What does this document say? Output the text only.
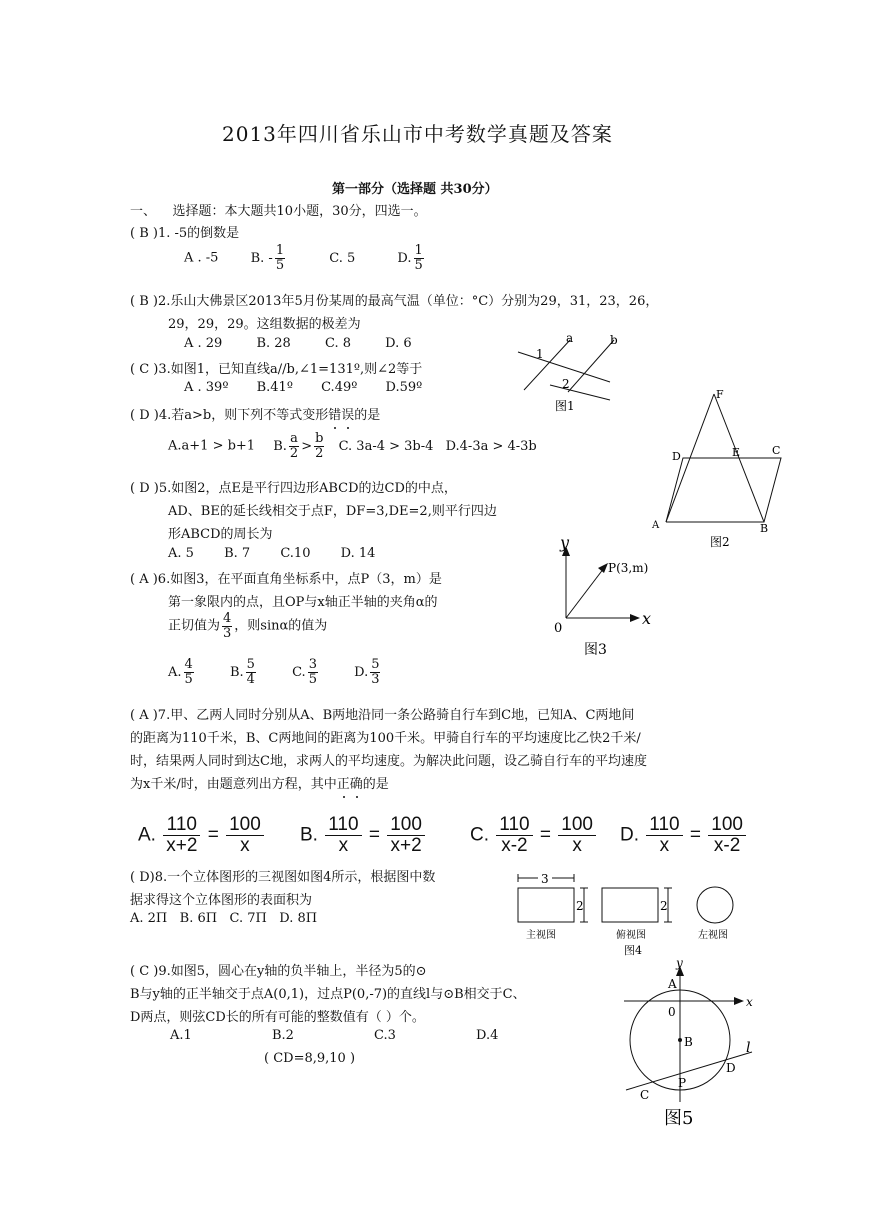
2013年四川省乐山市中考数学真题及答案
第一部分（选择题 共30分）
一、    选择题：本大题共10小题，30分，四选一。
( B )1. -5的倒数是
A . -5 B. - $\frac{1}{5}$	C. 5	D. $\frac{1}{5}$
( B )2.乐山大佛景区2013年5月份某周的最高气温（单位：°C）分别为29，31，23，26，
29，29，29。这组数据的极差为
A . 29	B. 28	C. 8	D. 6
( C )3.如图1，已知直线a//b,∠1=131º,则∠2等于
A . 39º B.41º C.49º D.59º
a	b
1
2
图1
( D )4.若a>b，则下列不等式变形错误的是
A.a+1 > b+1 B. $\frac{a}{2} > \frac{b}{2} C$. 3a-4 > 3b-4 D.4-3a > 4-3b
F
D	E	C
A	B
图2
( D )5.如图2，点E是平行四边形ABCD的边CD的中点，
AD、BE的延长线相交于点F，DF=3,DE=2,则平行四边
形ABCD的周长为
A. 5 B. 7 C.10 D. 14
y
x
0
P(3,m)
图3
( A )6.如图3，在平面直角坐标系中，点P（3，m）是
第一象限内的点，且OP与x轴正半轴的夹角α的
正切值为 $\frac{4}{3}$ ，则sinα的值为
A. $\frac{4}{5}$	B. $\frac{5}{4}$	C. $\frac{3}{5}$	D. $\frac{5}{3}$
( A )7.甲、乙两人同时分别从A、B两地沿同一条公路骑自行车到C地，已知A、C两地间
的距离为110千米，B、C两地间的距离为100千米。甲骑自行车的平均速度比乙快2千米/
时，结果两人同时到达C地，求两人的平均速度。为解决此问题，设乙骑自行车的平均速度
为x千米/时，由题意列出方程，其中正确的是
A. $\frac{110}{x+2} = \frac{100}{x} B$. $\frac{110}{x} = \frac{100}{x+2} C$. $\frac{110}{x-2} = \frac{100}{x} D$. $\frac{110}{x} = \frac{100}{x-2}$
( D)8.一个立体图形的三视图如图4所示，根据图中数
据求得这个立体图形的表面积为
A. 2Π   B. 6Π   C. 7Π   D. 8Π
3
2	2
主视图	俯视图	左视图
图4
( C )9.如图5，圆心在y轴的负半轴上，半径为5的⊙
B与y轴的正半轴交于点A(0,1)，过点P(0,-7)的直线l与⊙B相交于C、
D两点，则弦CD长的所有可能的整数值有（ ）个。
A.1	B.2	C.3	D.4
( CD=8,9,10 )
y
x
A
0
B
P
C
D
l
图5
